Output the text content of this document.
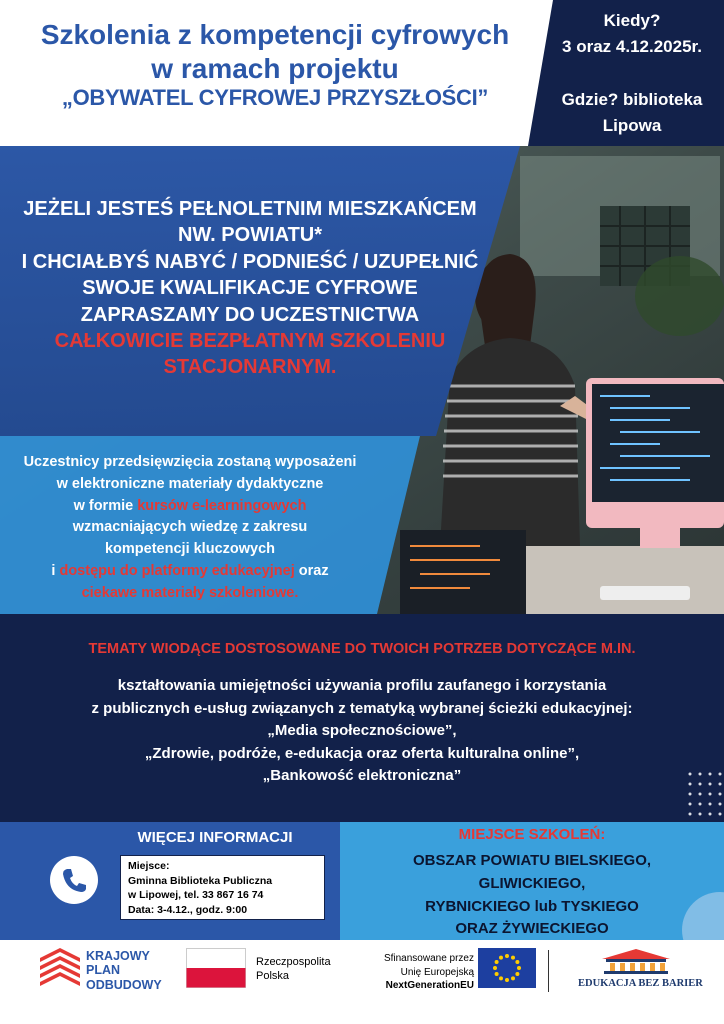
Szkolenia z kompetencji cyfrowych
w ramach projektu
„OBYWATEL CYFROWEJ PRZYSZŁOŚCI”
Kiedy?
3 oraz 4.12.2025r.
Gdzie? biblioteka
Lipowa
JEŻELI JESTEŚ PEŁNOLETNIM MIESZKAŃCEM
NW. POWIATU*
I CHCIAŁBYŚ NABYĆ / PODNIEŚĆ / UZUPEŁNIĆ
SWOJE KWALIFIKACJE CYFROWE
ZAPRASZAMY DO UCZESTNICTWA
CAŁKOWICIE BEZPŁATNYM SZKOLENIU
STACJONARNYM.
Uczestnicy przedsięwzięcia zostaną wyposażeni
w elektroniczne materiały dydaktyczne
w formie kursów e-learningowych
wzmacniających wiedzę z zakresu
kompetencji kluczowych
i dostępu do platformy edukacyjnej oraz
ciekawe materiały szkoleniowe.
TEMATY WIODĄCE DOSTOSOWANE DO TWOICH POTRZEB DOTYCZĄCE M.IN.
kształtowania umiejętności używania profilu zaufanego i korzystania
z publicznych e-usług związanych z tematyką wybranej ścieżki edukacyjnej:
„Media społecznościowe”,
„Zdrowie, podróże, e-edukacja oraz oferta kulturalna online”,
„Bankowość elektroniczna”
WIĘCEJ INFORMACJI
Miejsce:
Gminna Biblioteka Publiczna
w Lipowej, tel. 33 867 16 74
Data: 3-4.12., godz. 9:00
MIEJSCE SZKOLEŃ:
OBSZAR POWIATU BIELSKIEGO,
GLIWICKIEGO,
RYBNICKIEGO lub TYSKIEGO
ORAZ ŻYWIECKIEGO
KRAJOWY
PLAN
ODBUDOWY
Rzeczpospolita
Polska
Sfinansowane przez
Unię Europejską
NextGenerationEU	EDUKACJA BEZ BARIER
